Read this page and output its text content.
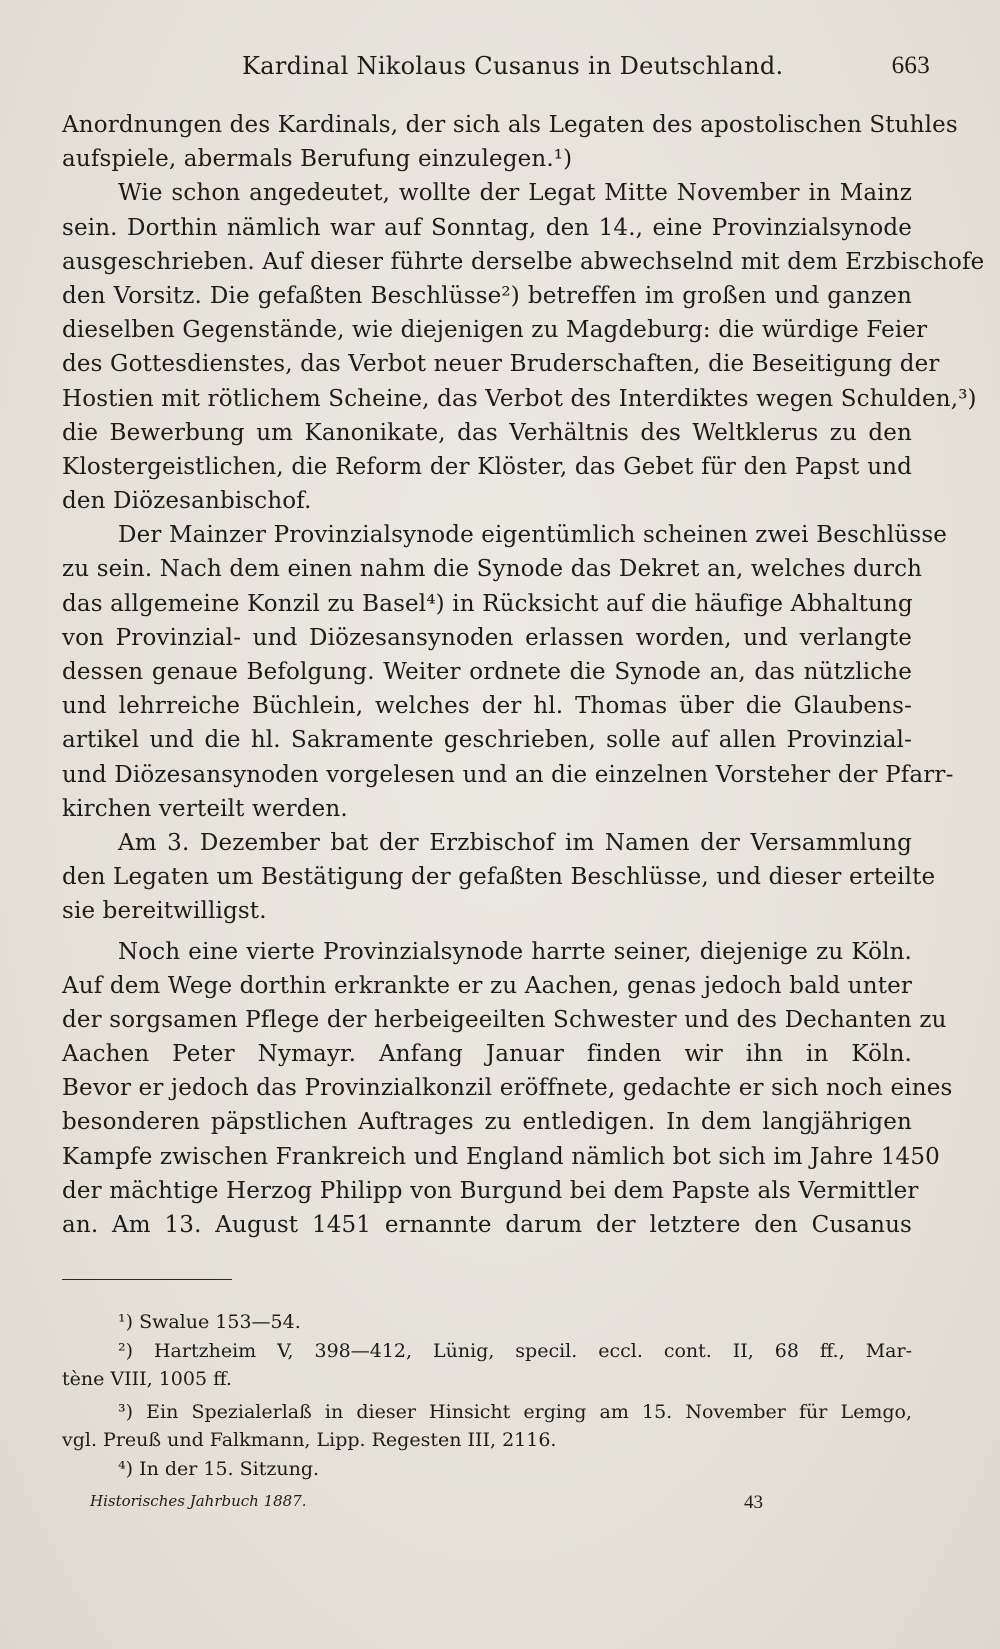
Kardinal Nikolaus Cusanus in Deutschland.	663
Anordnungen des Kardinals, der sich als Legaten des apostolischen Stuhles
aufspiele, abermals Berufung einzulegen.¹)
Wie schon angedeutet, wollte der Legat Mitte November in Mainz
sein. Dorthin nämlich war auf Sonntag, den 14., eine Provinzialsynode
ausgeschrieben. Auf dieser führte derselbe abwechselnd mit dem Erzbischofe
den Vorsitz. Die gefaßten Beschlüsse²) betreffen im großen und ganzen
dieselben Gegenstände, wie diejenigen zu Magdeburg: die würdige Feier
des Gottesdienstes, das Verbot neuer Bruderschaften, die Beseitigung der
Hostien mit rötlichem Scheine, das Verbot des Interdiktes wegen Schulden,³)
die Bewerbung um Kanonikate, das Verhältnis des Weltklerus zu den
Klostergeistlichen, die Reform der Klöster, das Gebet für den Papst und
den Diözesanbischof.
Der Mainzer Provinzialsynode eigentümlich scheinen zwei Beschlüsse
zu sein. Nach dem einen nahm die Synode das Dekret an, welches durch
das allgemeine Konzil zu Basel⁴) in Rücksicht auf die häufige Abhaltung
von Provinzial- und Diözesansynoden erlassen worden, und verlangte
dessen genaue Befolgung. Weiter ordnete die Synode an, das nützliche
und lehrreiche Büchlein, welches der hl. Thomas über die Glaubens-
artikel und die hl. Sakramente geschrieben, solle auf allen Provinzial-
und Diözesansynoden vorgelesen und an die einzelnen Vorsteher der Pfarr-
kirchen verteilt werden.
Am 3. Dezember bat der Erzbischof im Namen der Versammlung
den Legaten um Bestätigung der gefaßten Beschlüsse, und dieser erteilte
sie bereitwilligst.
Noch eine vierte Provinzialsynode harrte seiner, diejenige zu Köln.
Auf dem Wege dorthin erkrankte er zu Aachen, genas jedoch bald unter
der sorgsamen Pflege der herbeigeeilten Schwester und des Dechanten zu
Aachen Peter Nymayr. Anfang Januar finden wir ihn in Köln.
Bevor er jedoch das Provinzialkonzil eröffnete, gedachte er sich noch eines
besonderen päpstlichen Auftrages zu entledigen. In dem langjährigen
Kampfe zwischen Frankreich und England nämlich bot sich im Jahre 1450
der mächtige Herzog Philipp von Burgund bei dem Papste als Vermittler
an. Am 13. August 1451 ernannte darum der letztere den Cusanus
¹) Swalue 153—54.
²) Hartzheim V, 398—412, Lünig, specil. eccl. cont. II, 68 ff., Mar-
tène VIII, 1005 ff.
³) Ein Spezialerlaß in dieser Hinsicht erging am 15. November für Lemgo,
vgl. Preuß und Falkmann, Lipp. Regesten III, 2116.
⁴) In der 15. Sitzung.
Historisches Jahrbuch 1887.	43
